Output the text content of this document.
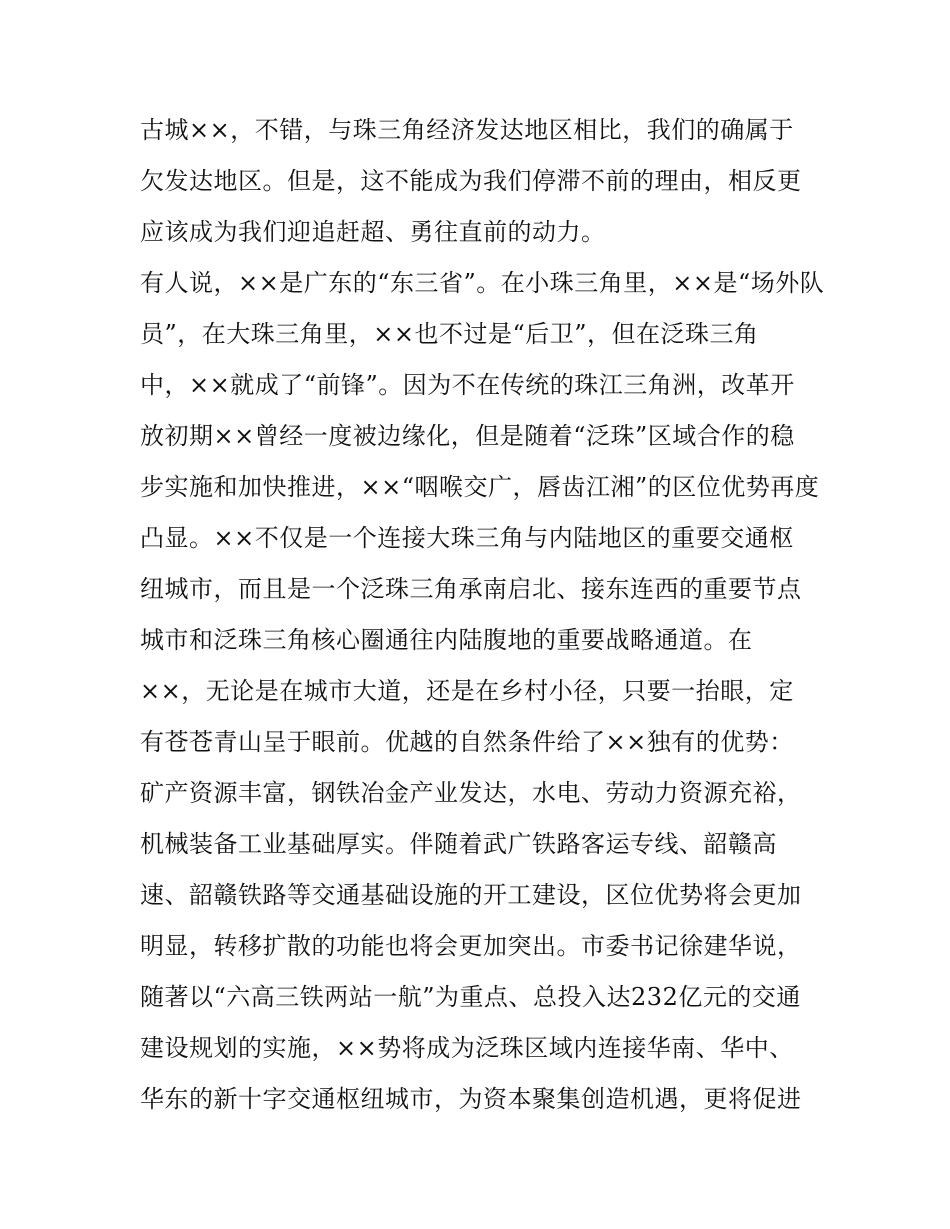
古城××，不错，与珠三角经济发达地区相比，我们的确属于
欠发达地区。但是，这不能成为我们停滞不前的理由，相反更
应该成为我们迎追赶超、勇往直前的动力。
有人说，××是广东的“东三省”。在小珠三角里，××是“场外队
员”，在大珠三角里，××也不过是“后卫”，但在泛珠三角
中，××就成了“前锋”。因为不在传统的珠江三角洲，改革开
放初期××曾经一度被边缘化，但是随着“泛珠”区域合作的稳
步实施和加快推进，××“咽喉交广，唇齿江湘”的区位优势再度
凸显。××不仅是一个连接大珠三角与内陆地区的重要交通枢
纽城市，而且是一个泛珠三角承南启北、接东连西的重要节点
城市和泛珠三角核心圈通往内陆腹地的重要战略通道。在
××，无论是在城市大道，还是在乡村小径，只要一抬眼，定
有苍苍青山呈于眼前。优越的自然条件给了××独有的优势：
矿产资源丰富，钢铁冶金产业发达，水电、劳动力资源充裕，
机械装备工业基础厚实。伴随着武广铁路客运专线、韶赣高
速、韶赣铁路等交通基础设施的开工建设，区位优势将会更加
明显，转移扩散的功能也将会更加突出。市委书记徐建华说，
随著以“六高三铁两站一航”为重点、总投入达232亿元的交通
建设规划的实施，××势将成为泛珠区域内连接华南、华中、
华东的新十字交通枢纽城市，为资本聚集创造机遇，更将促进
